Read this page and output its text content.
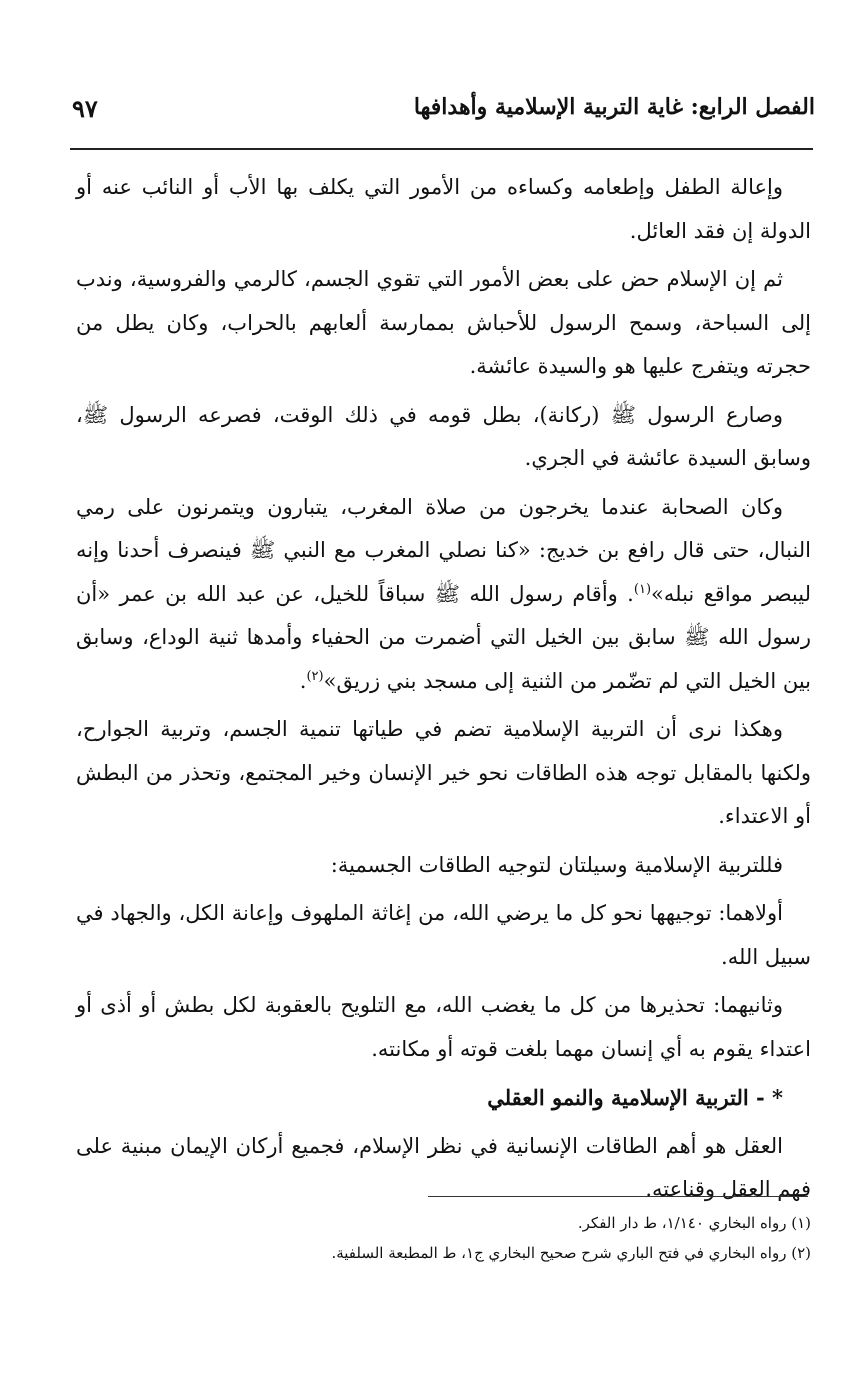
الفصل الرابع: غاية التربية الإسلامية وأهدافها
٩٧

وإعالة الطفل وإطعامه وكساءه من الأمور التي يكلف بها الأب أو النائب عنه أو الدولة إن فقد العائل.

ثم إن الإسلام حض على بعض الأمور التي تقوي الجسم، كالرمي والفروسية، وندب إلى السباحة، وسمح الرسول للأحباش بممارسة ألعابهم بالحراب، وكان يطل من حجرته ويتفرج عليها هو والسيدة عائشة.

وصارع الرسول ﷺ (ركانة)، بطل قومه في ذلك الوقت، فصرعه الرسول ﷺ، وسابق السيدة عائشة في الجري.

وكان الصحابة عندما يخرجون من صلاة المغرب، يتبارون ويتمرنون على رمي النبال، حتى قال رافع بن خديج: «كنا نصلي المغرب مع النبي ﷺ فينصرف أحدنا وإنه ليبصر مواقع نبله»$^{(١)}$. وأقام رسول الله ﷺ سباقاً للخيل، عن عبد الله بن عمر «أن رسول الله ﷺ سابق بين الخيل التي أضمرت من الحفياء وأمدها ثنية الوداع، وسابق بين الخيل التي لم تضّمر من الثنية إلى مسجد بني زريق»$^{(٢)}$.

وهكذا نرى أن التربية الإسلامية تضم في طياتها تنمية الجسم، وتربية الجوارح، ولكنها بالمقابل توجه هذه الطاقات نحو خير الإنسان وخير المجتمع، وتحذر من البطش أو الاعتداء.

فللتربية الإسلامية وسيلتان لتوجيه الطاقات الجسمية:

أولاهما: توجيهها نحو كل ما يرضي الله، من إغاثة الملهوف وإعانة الكل، والجهاد في سبيل الله.

وثانيهما: تحذيرها من كل ما يغضب الله، مع التلويح بالعقوبة لكل بطش أو أذى أو اعتداء يقوم به أي إنسان مهما بلغت قوته أو مكانته.

* - التربية الإسلامية والنمو العقلي

العقل هو أهم الطاقات الإنسانية في نظر الإسلام، فجميع أركان الإيمان مبنية على فهم العقل وقناعته.

(١) رواه البخاري ١/١٤٠، ط دار الفكر.

(٢) رواه البخاري في فتح الباري شرح صحيح البخاري ج١، ط المطبعة السلفية.
